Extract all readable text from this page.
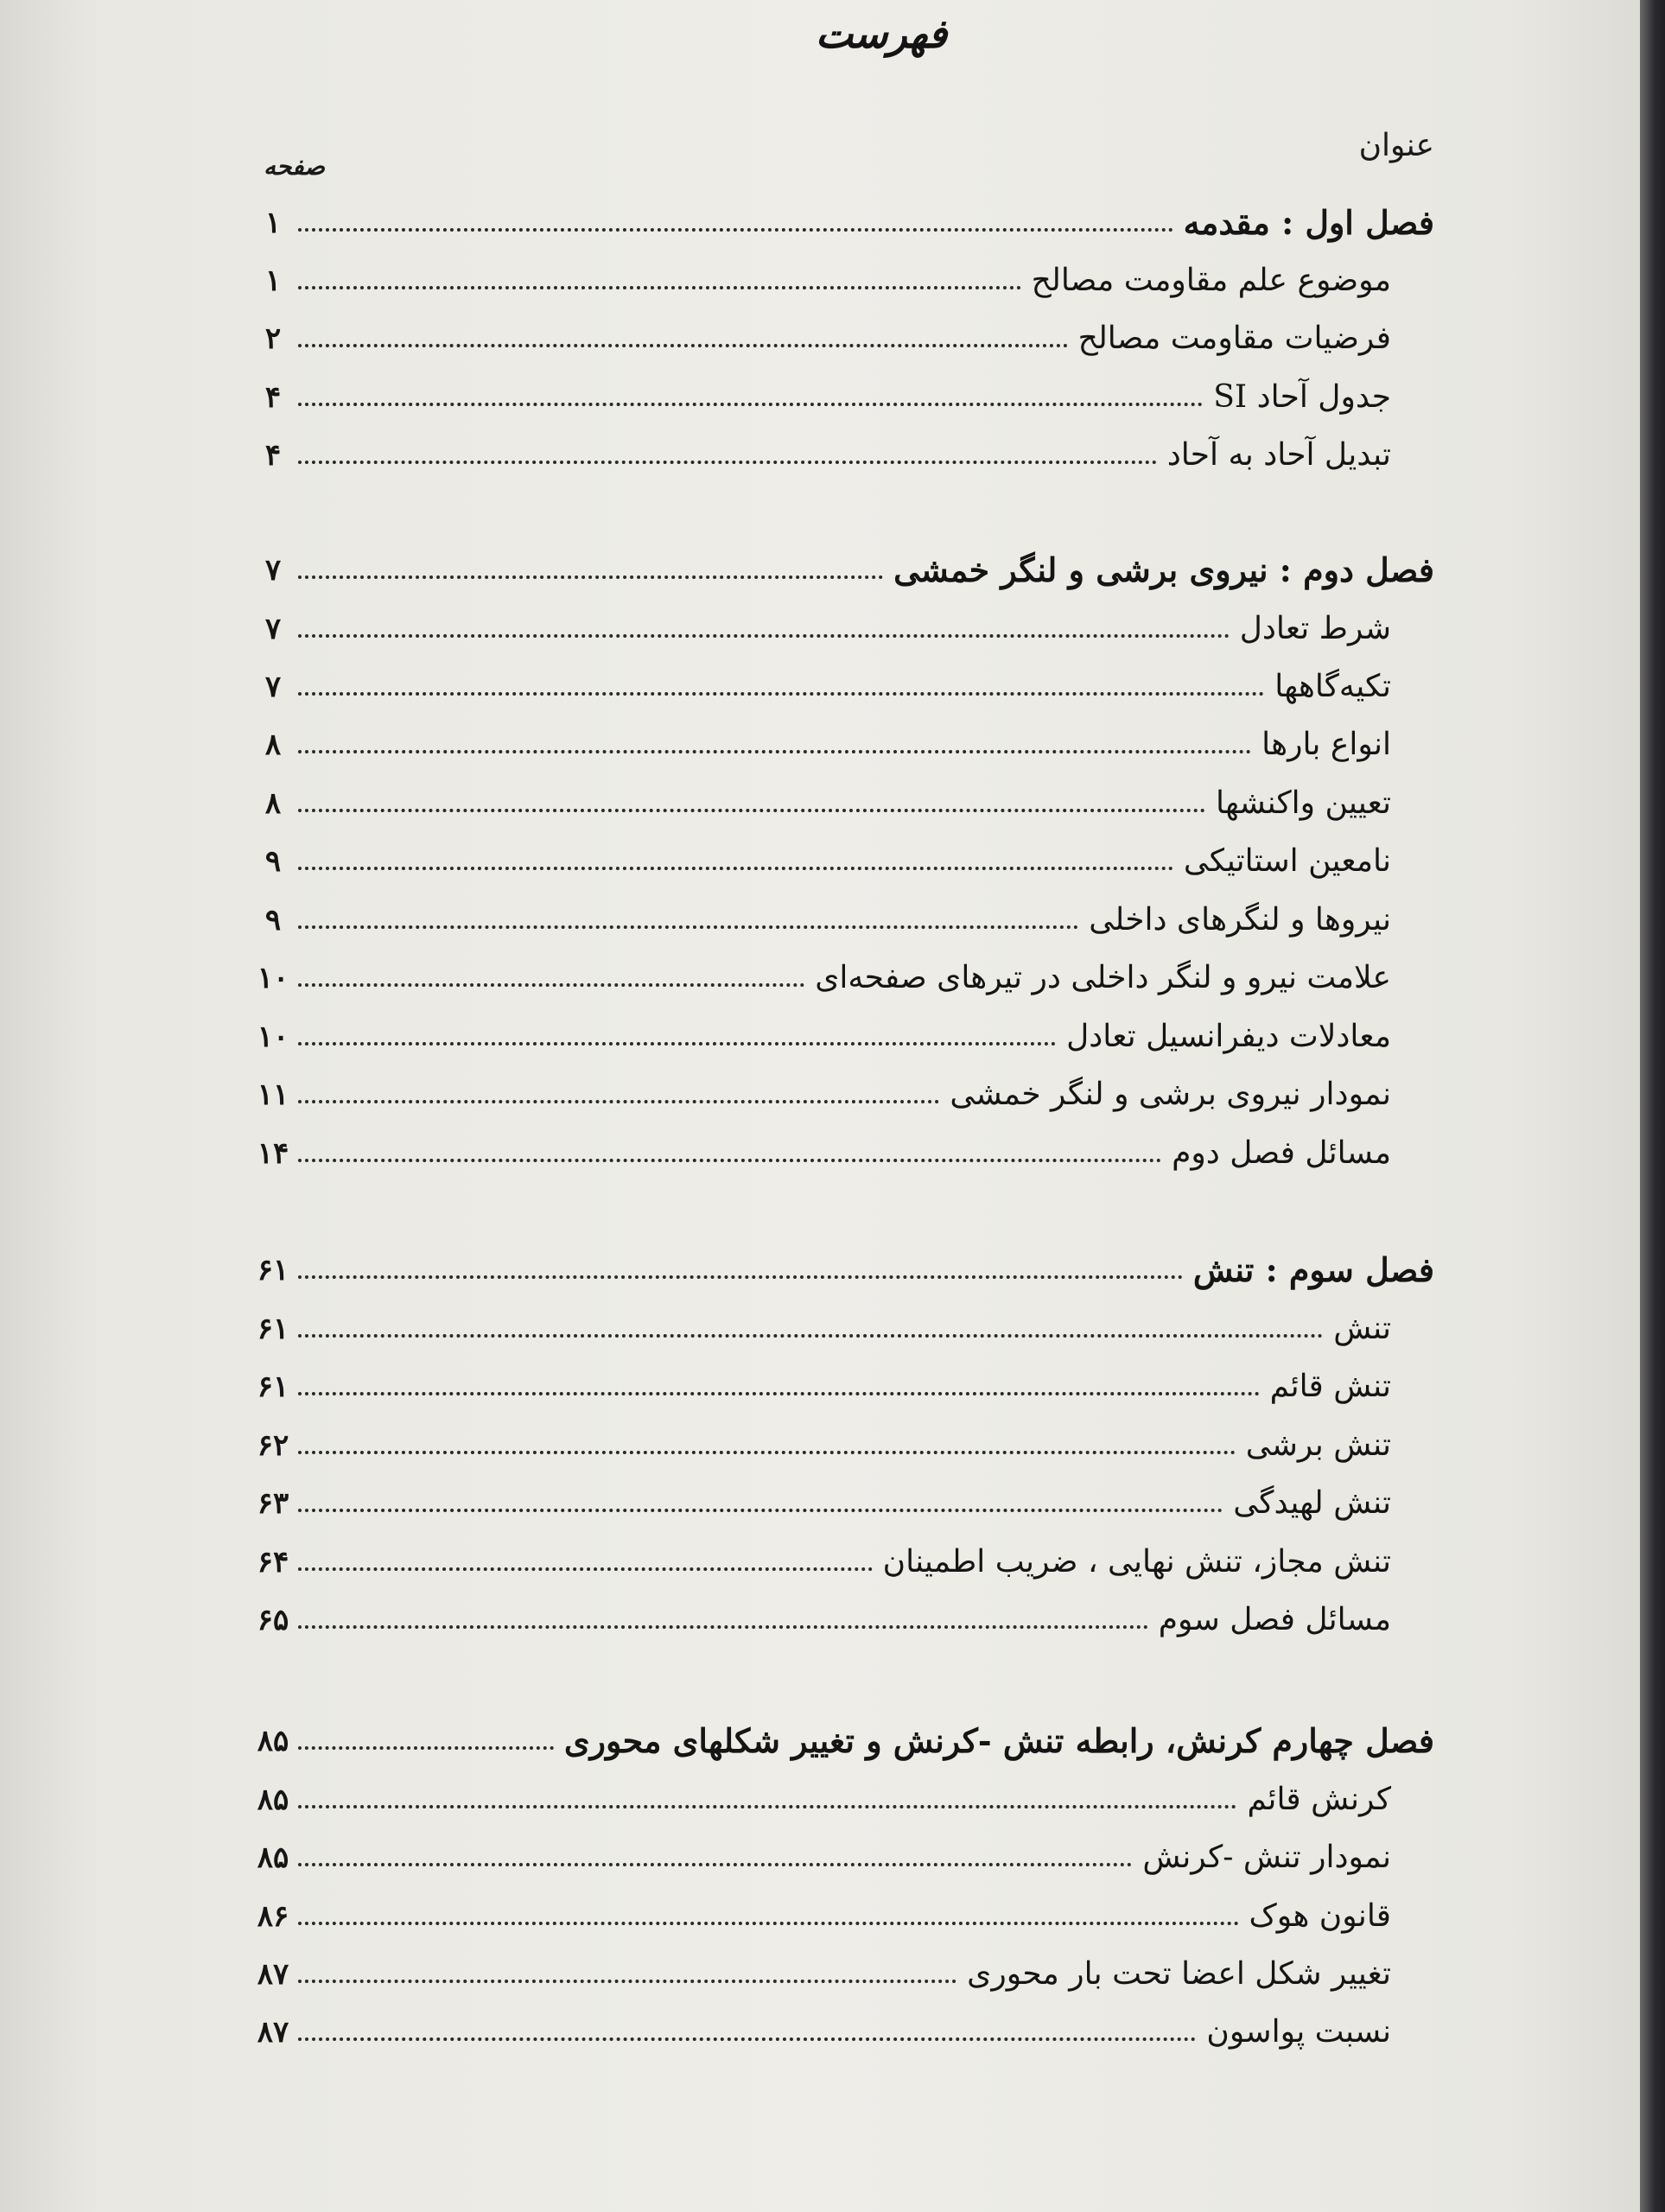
فهرست
عنوان
صفحه
۱	فصل اول : مقدمه
۱	موضوع علم مقاومت مصالح
۲	فرضیات مقاومت مصالح
۴	جدول آحاد SI
۴	تبدیل آحاد به آحاد
۷	فصل دوم : نیروی برشی و لنگر خمشی
۷	شرط تعادل
۷	تکیه‌گاهها
۸	انواع بارها
۸	تعیین واکنشها
۹	نامعین استاتیکی
۹	نیروها و لنگرهای داخلی
۱۰	علامت نیرو و لنگر داخلی در تیرهای صفحه‌ای
۱۰	معادلات دیفرانسیل تعادل
۱۱	نمودار نیروی برشی و لنگر خمشی
۱۴	مسائل فصل دوم
۶۱	فصل سوم : تنش
۶۱	تنش
۶۱	تنش قائم
۶۲	تنش برشی
۶۳	تنش لهیدگی
۶۴	تنش مجاز، تنش نهایی ، ضریب اطمینان
۶۵	مسائل فصل سوم
۸۵	فصل چهارم کرنش، رابطه تنش -کرنش و تغییر شکلهای محوری
۸۵	کرنش قائم
۸۵	نمودار تنش -کرنش
۸۶	قانون هوک
۸۷	تغییر شکل اعضا تحت بار محوری
۸۷	نسبت پواسون
